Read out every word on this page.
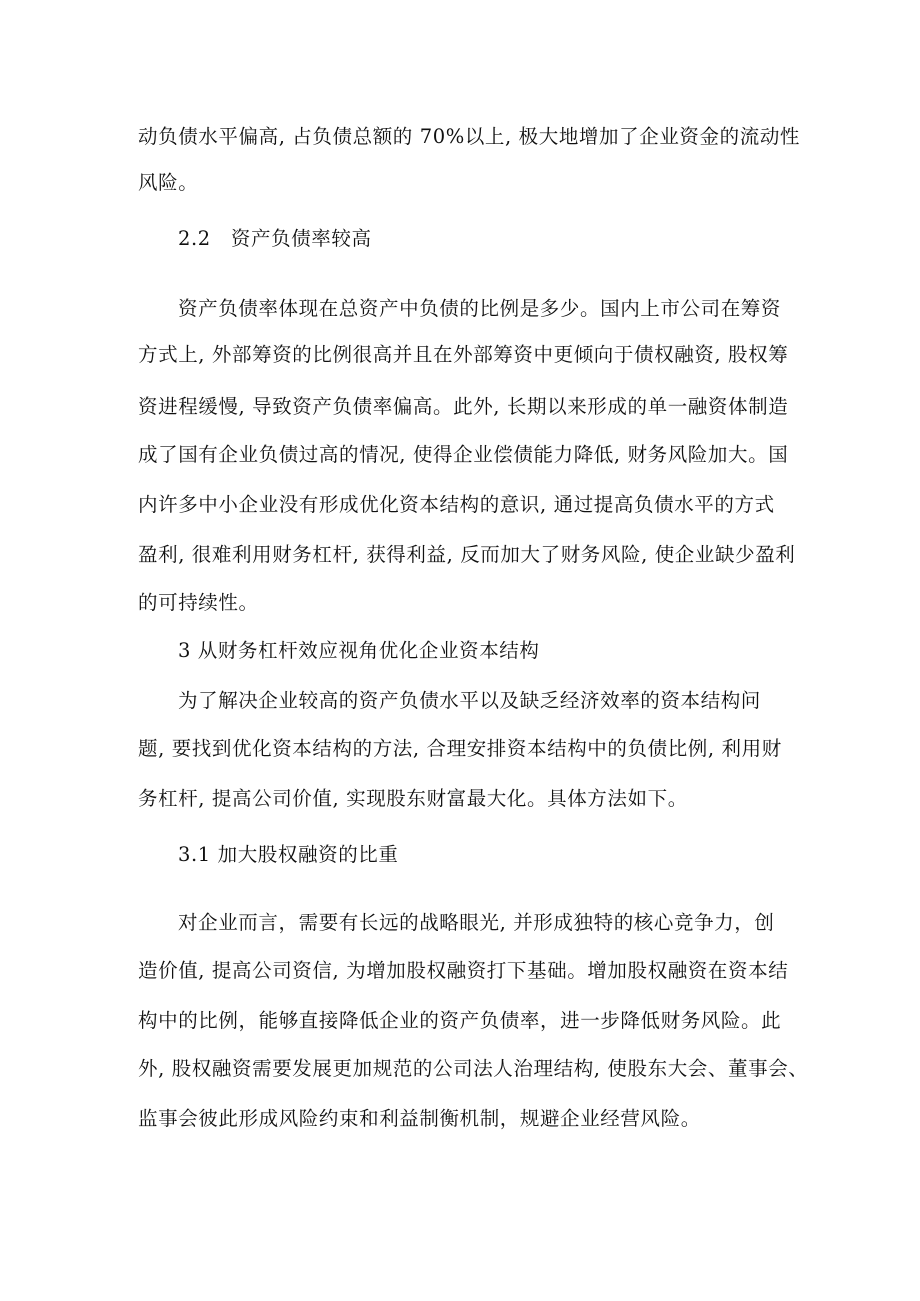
动负债水平偏高, 占负债总额的 70%以上, 极大地增加了企业资金的流动性
风险。
2.2　资产负债率较高
资产负债率体现在总资产中负债的比例是多少。国内上市公司在筹资
方式上, 外部筹资的比例很高并且在外部筹资中更倾向于债权融资, 股权筹
资进程缓慢, 导致资产负债率偏高。此外, 长期以来形成的单一融资体制造
成了国有企业负债过高的情况, 使得企业偿债能力降低, 财务风险加大。国
内许多中小企业没有形成优化资本结构的意识, 通过提高负债水平的方式
盈利, 很难利用财务杠杆, 获得利益, 反而加大了财务风险, 使企业缺少盈利
的可持续性。
3 从财务杠杆效应视角优化企业资本结构
为了解决企业较高的资产负债水平以及缺乏经济效率的资本结构问
题, 要找到优化资本结构的方法, 合理安排资本结构中的负债比例, 利用财
务杠杆, 提高公司价值, 实现股东财富最大化。具体方法如下。
3.1 加大股权融资的比重
对企业而言，需要有长远的战略眼光, 并形成独特的核心竞争力，创
造价值, 提高公司资信, 为增加股权融资打下基础。增加股权融资在资本结
构中的比例，能够直接降低企业的资产负债率，进一步降低财务风险。此
外, 股权融资需要发展更加规范的公司法人治理结构, 使股东大会、董事会、
监事会彼此形成风险约束和利益制衡机制，规避企业经营风险。
